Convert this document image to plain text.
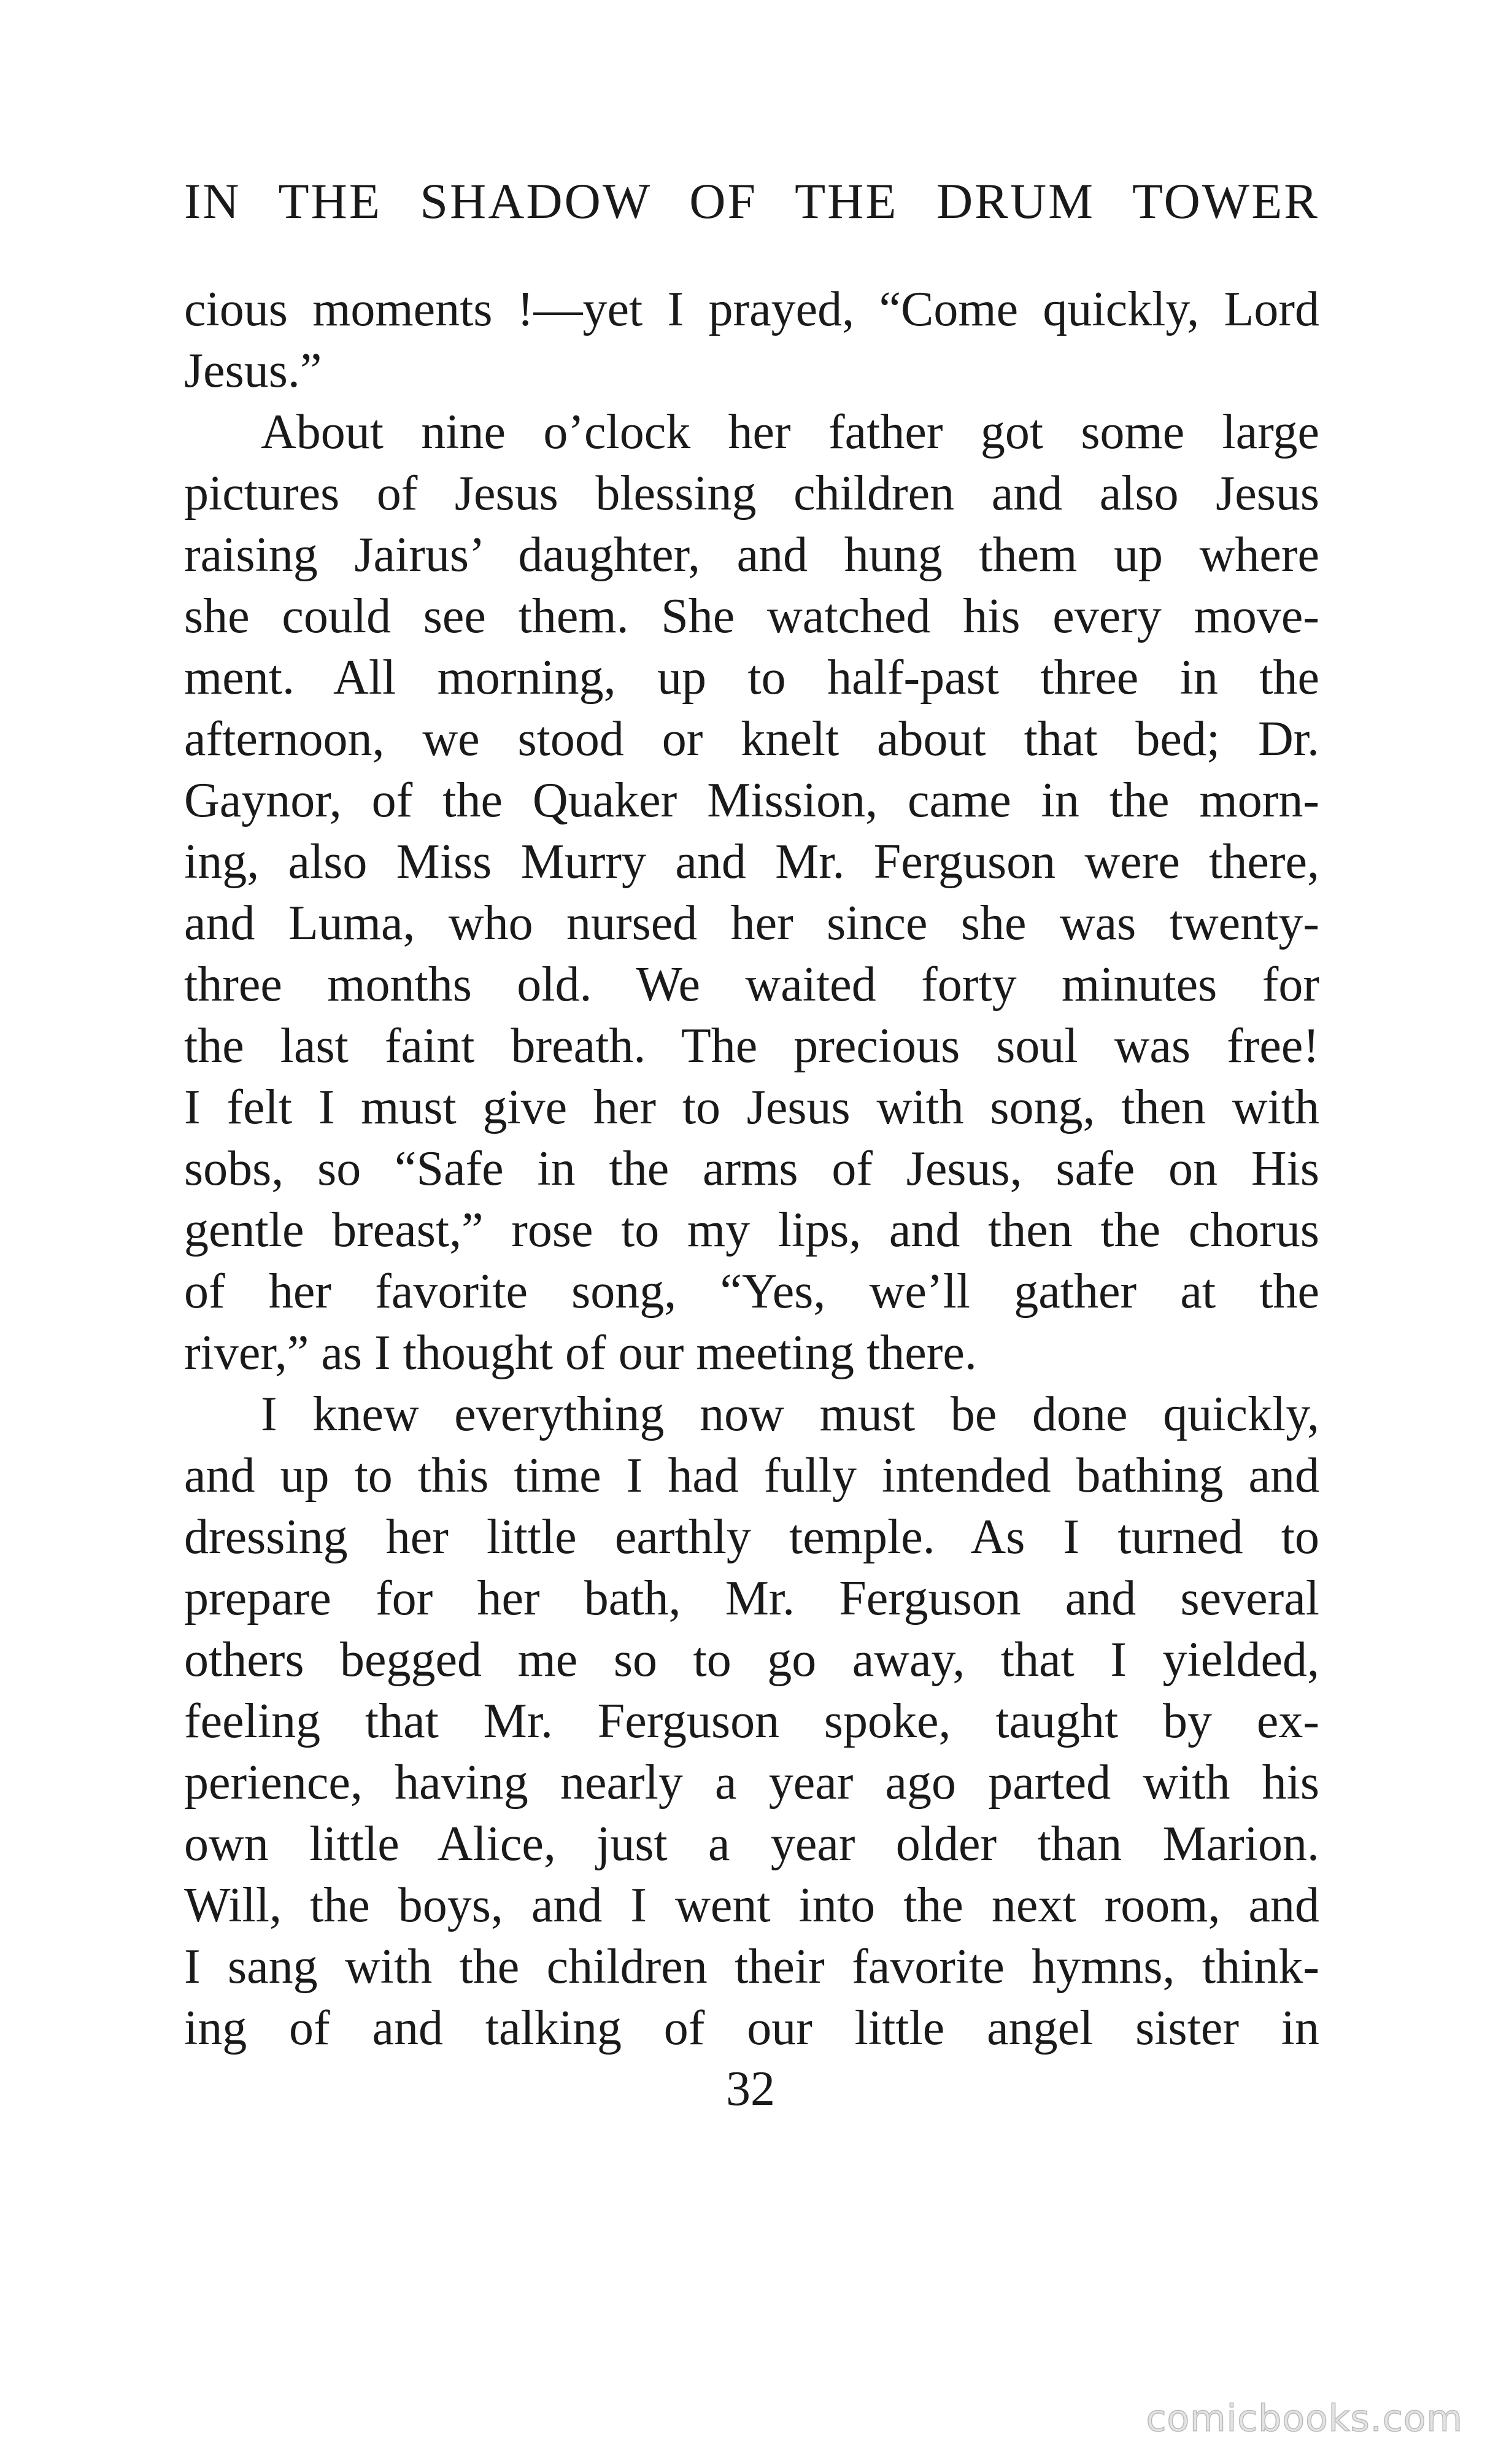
IN THE SHADOW OF THE DRUM TOWER
cious moments !—yet I prayed, “Come quickly, Lord
Jesus.”
About nine o’clock her father got some large
pictures of Jesus blessing children and also Jesus
raising Jairus’ daughter, and hung them up where
she could see them. She watched his every move-
ment. All morning, up to half-past three in the
afternoon, we stood or knelt about that bed; Dr.
Gaynor, of the Quaker Mission, came in the morn-
ing, also Miss Murry and Mr. Ferguson were there,
and Luma, who nursed her since she was twenty-
three months old. We waited forty minutes for
the last faint breath. The precious soul was free!
I felt I must give her to Jesus with song, then with
sobs, so “Safe in the arms of Jesus, safe on His
gentle breast,” rose to my lips, and then the chorus
of her favorite song, “Yes, we’ll gather at the
river,” as I thought of our meeting there.
I knew everything now must be done quickly,
and up to this time I had fully intended bathing and
dressing her little earthly temple. As I turned to
prepare for her bath, Mr. Ferguson and several
others begged me so to go away, that I yielded,
feeling that Mr. Ferguson spoke, taught by ex-
perience, having nearly a year ago parted with his
own little Alice, just a year older than Marion.
Will, the boys, and I went into the next room, and
I sang with the children their favorite hymns, think-
ing of and talking of our little angel sister in
32
comicbooks.com
